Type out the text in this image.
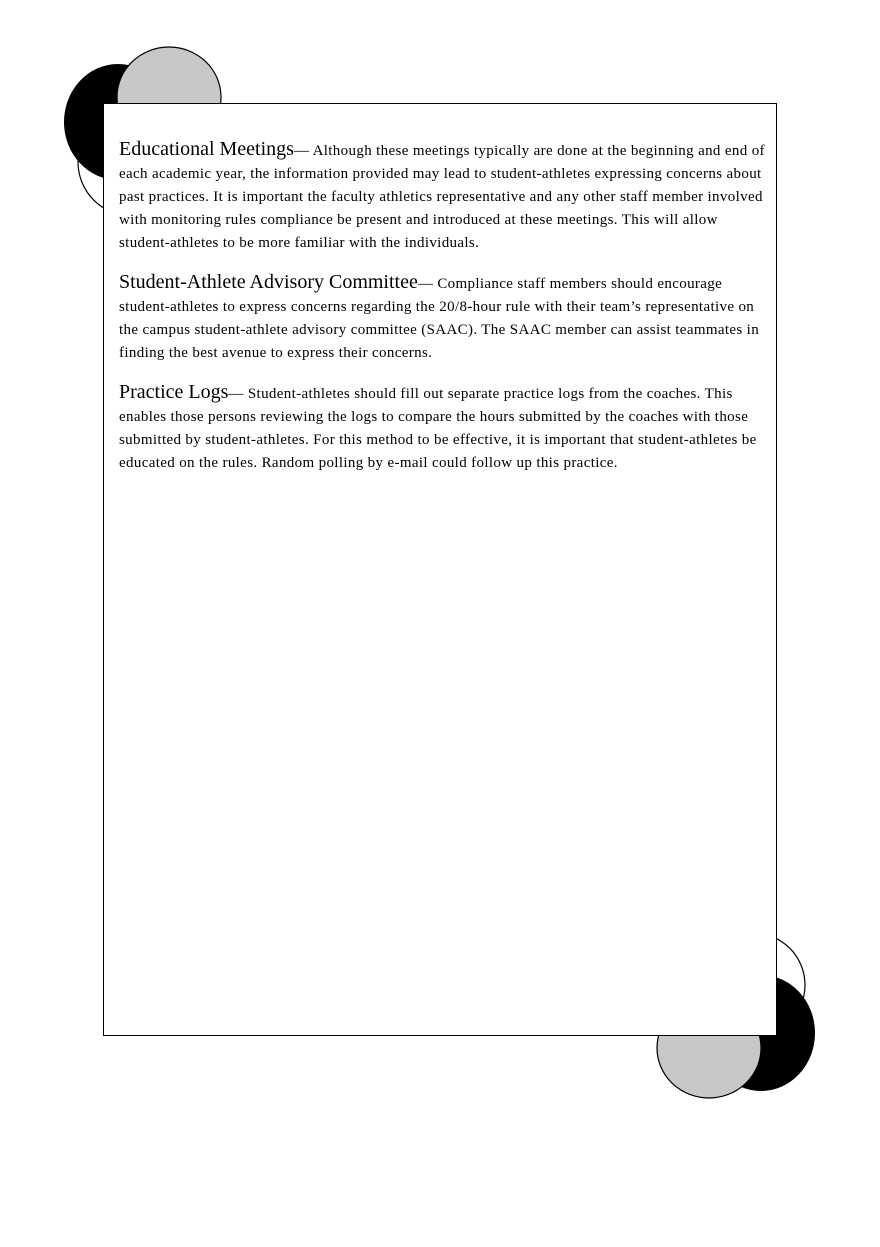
Educational Meetings— Although these meetings typically are done at the beginning and end of each academic year, the information provided may lead to student-athletes expressing concerns about past practices. It is important the faculty athletics representative and any other staff member involved with monitoring rules compliance be present and introduced at these meetings. This will allow student-athletes to be more familiar with the individuals.

Student-Athlete Advisory Committee— Compliance staff members should encourage student-athletes to express concerns regarding the 20/8-hour rule with their team’s representative on the campus student-athlete advisory committee (SAAC). The SAAC member can assist teammates in finding the best avenue to express their concerns.

Practice Logs— Student-athletes should fill out separate practice logs from the coaches. This enables those persons reviewing the logs to compare the hours submitted by the coaches with those submitted by student-athletes. For this method to be effective, it is important that student-athletes be educated on the rules. Random polling by e-mail could follow up this practice.
